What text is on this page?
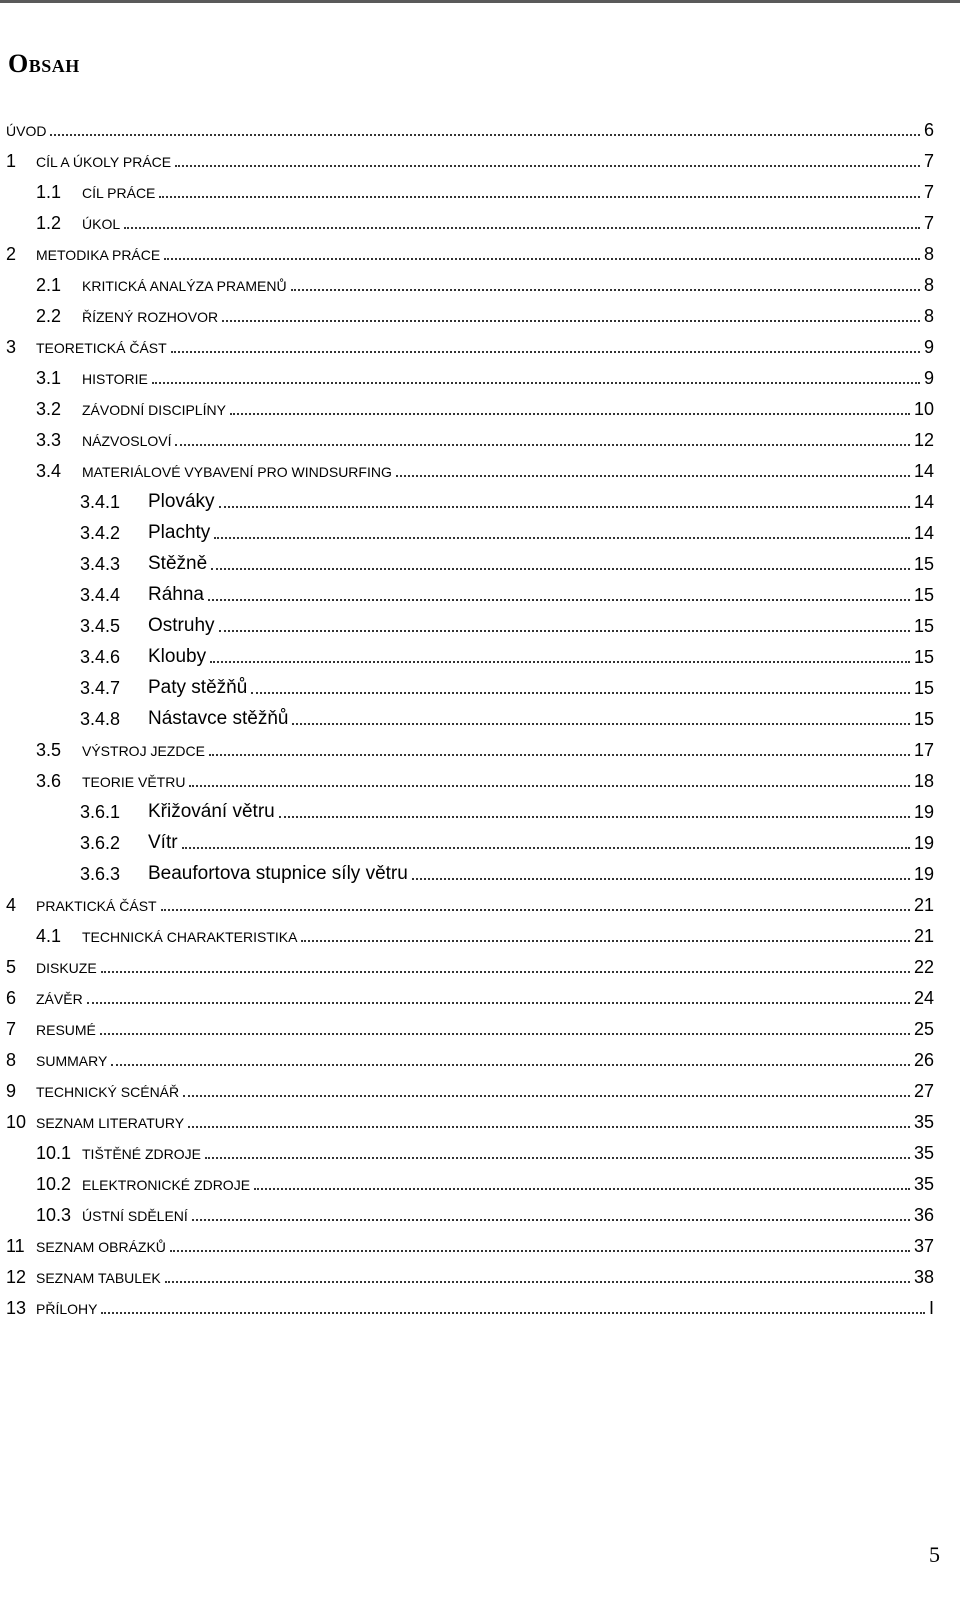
Obsah
ÚVOD	6
1	CÍL A ÚKOLY PRÁCE	7
1.1	CÍL PRÁCE	7
1.2	ÚKOL	7
2	METODIKA PRÁCE	8
2.1	KRITICKÁ ANALÝZA PRAMENŮ	8
2.2	ŘÍZENÝ ROZHOVOR	8
3	TEORETICKÁ ČÁST	9
3.1	HISTORIE	9
3.2	ZÁVODNÍ DISCIPLÍNY	10
3.3	NÁZVOSLOVÍ	12
3.4	MATERIÁLOVÉ VYBAVENÍ PRO WINDSURFING	14
3.4.1	Plováky	14
3.4.2	Plachty	14
3.4.3	Stěžně	15
3.4.4	Ráhna	15
3.4.5	Ostruhy	15
3.4.6	Klouby	15
3.4.7	Paty stěžňů	15
3.4.8	Nástavce stěžňů	15
3.5	VÝSTROJ JEZDCE	17
3.6	TEORIE VĚTRU	18
3.6.1	Křižování větru	19
3.6.2	Vítr	19
3.6.3	Beaufortova stupnice síly větru	19
4	PRAKTICKÁ ČÁST	21
4.1	TECHNICKÁ CHARAKTERISTIKA	21
5	DISKUZE	22
6	ZÁVĚR	24
7	RESUMÉ	25
8	SUMMARY	26
9	TECHNICKÝ SCÉNÁŘ	27
10 SEZNAM LITERATURY	35
10.1 TIŠTĚNÉ ZDROJE	35
10.2 ELEKTRONICKÉ ZDROJE	35
10.3 ÚSTNÍ SDĚLENÍ	36
11 SEZNAM OBRÁZKŮ	37
12 SEZNAM TABULEK	38
13 PŘÍLOHY	I
5
